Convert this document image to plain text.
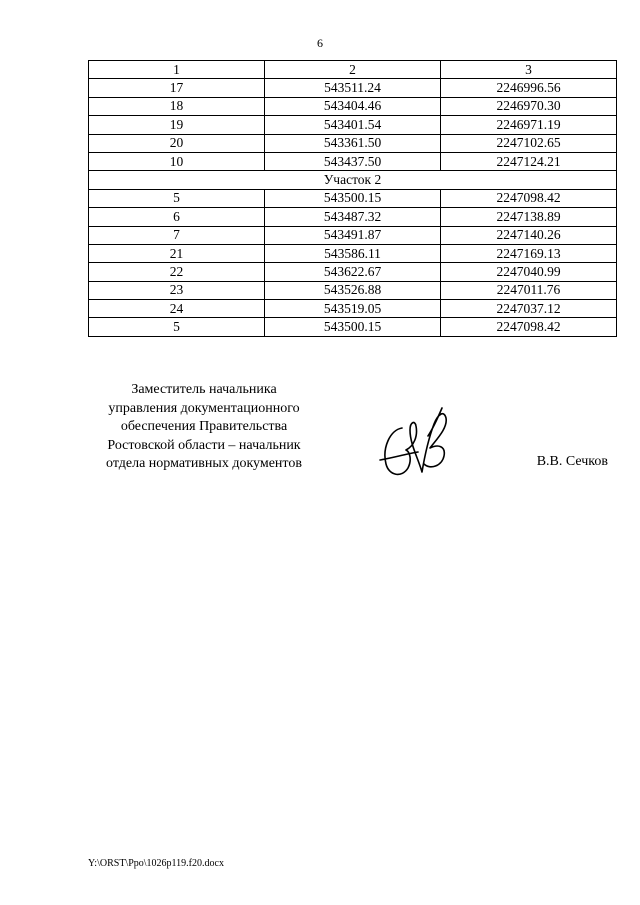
6
1	2	3
17	543511.24	2246996.56
18	543404.46	2246970.30
19	543401.54	2246971.19
20	543361.50	2247102.65
10	543437.50	2247124.21
Участок 2		
5	543500.15	2247098.42
6	543487.32	2247138.89
7	543491.87	2247140.26
21	543586.11	2247169.13
22	543622.67	2247040.99
23	543526.88	2247011.76
24	543519.05	2247037.12
5	543500.15	2247098.42
Заместитель начальника
управления документационного
обеспечения Правительства
Ростовской области – начальник
отдела нормативных документов	В.В. Сечков
Y:\ORST\Ppo\1026p119.f20.docx
